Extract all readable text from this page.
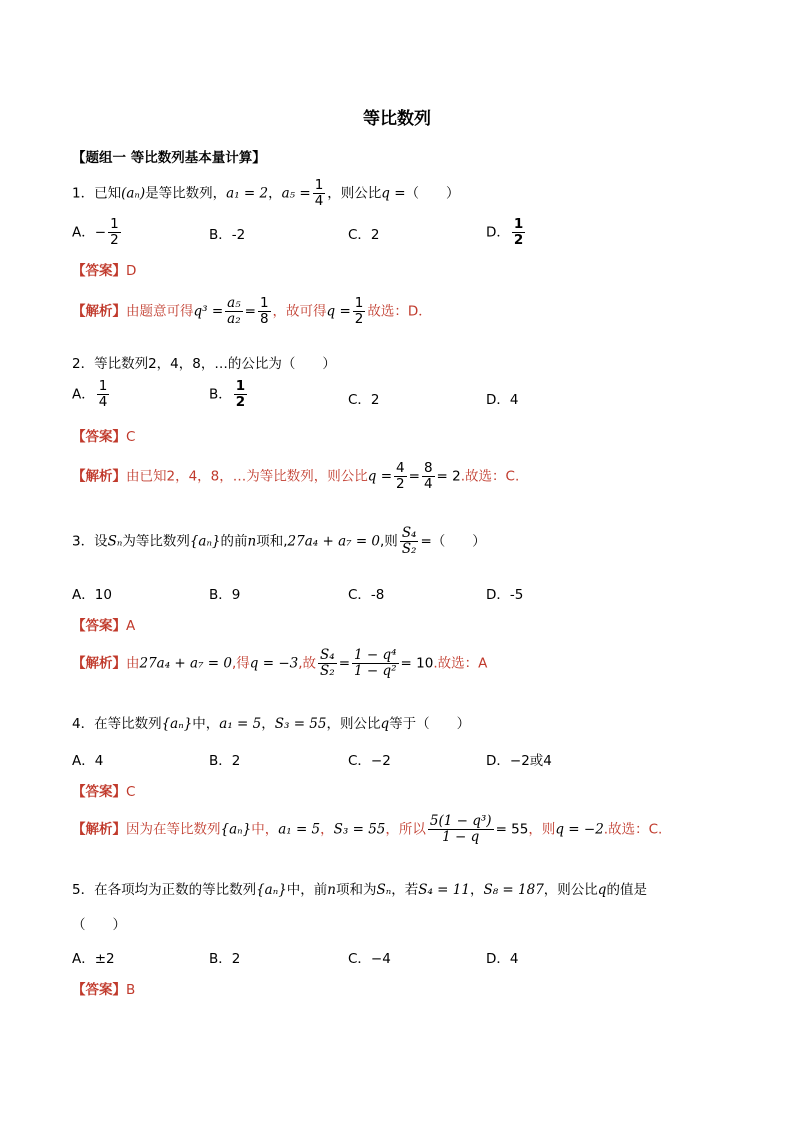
等比数列
【题组一 等比数列基本量计算】
1．已知(aₙ)是等比数列，a₁ = 2，$a_5 = \frac{1}{4}$ ，则公比q =（　　）
A．− $\frac{1}{2}$	B．-2	C．2	D． $\frac{1}{2}$
【答案】D
【解析】由题意可得$q^3 = \frac{\text{a₅}}{\text{a₂}} = \frac{1}{8}$ ，故可得$q = \frac{1}{2}$ 故选：D．
2．等比数列2，4，8，…的公比为（　　）
A． $\frac{1}{4}$	B． $\frac{1}{2}$	C．2	D．4
【答案】C
【解析】由已知2，4，8，…为等比数列，则公比$q = \frac{4}{2} = \frac{8}{4} = 2$.故选：C.
3．设Sₙ为等比数列{aₙ}的前n项和,27a₄ + a₇ = 0,则 $\frac{\text{S₄}}{\text{S₂}}$ =（　　）
A．10	B．9	C．-8	D．-5
【答案】A
【解析】由27a₄ + a₇ = 0,得q = −3,故 $\frac{\text{S₄}}{\text{S₂}} = \frac{\text{1 − q⁴}}{\text{1 − q²}} = 10$.故选：A
4．在等比数列{aₙ}中，a₁ = 5，S₃ = 55，则公比q等于（　　）
A．4	B．2	C．−2	D．−2或4
【答案】C
【解析】因为在等比数列{aₙ}中，a₁ = 5，S₃ = 55，所以 $\frac{\text{5(1 − q³)}}{1 - q} = 55$，则q = −2.故选：C.
5．在各项均为正数的等比数列{aₙ}中，前n项和为Sₙ，若S₄ = 11，S₈ = 187，则公比q的值是
（　　）
A．±2	B．2	C．−4	D．4
【答案】B
